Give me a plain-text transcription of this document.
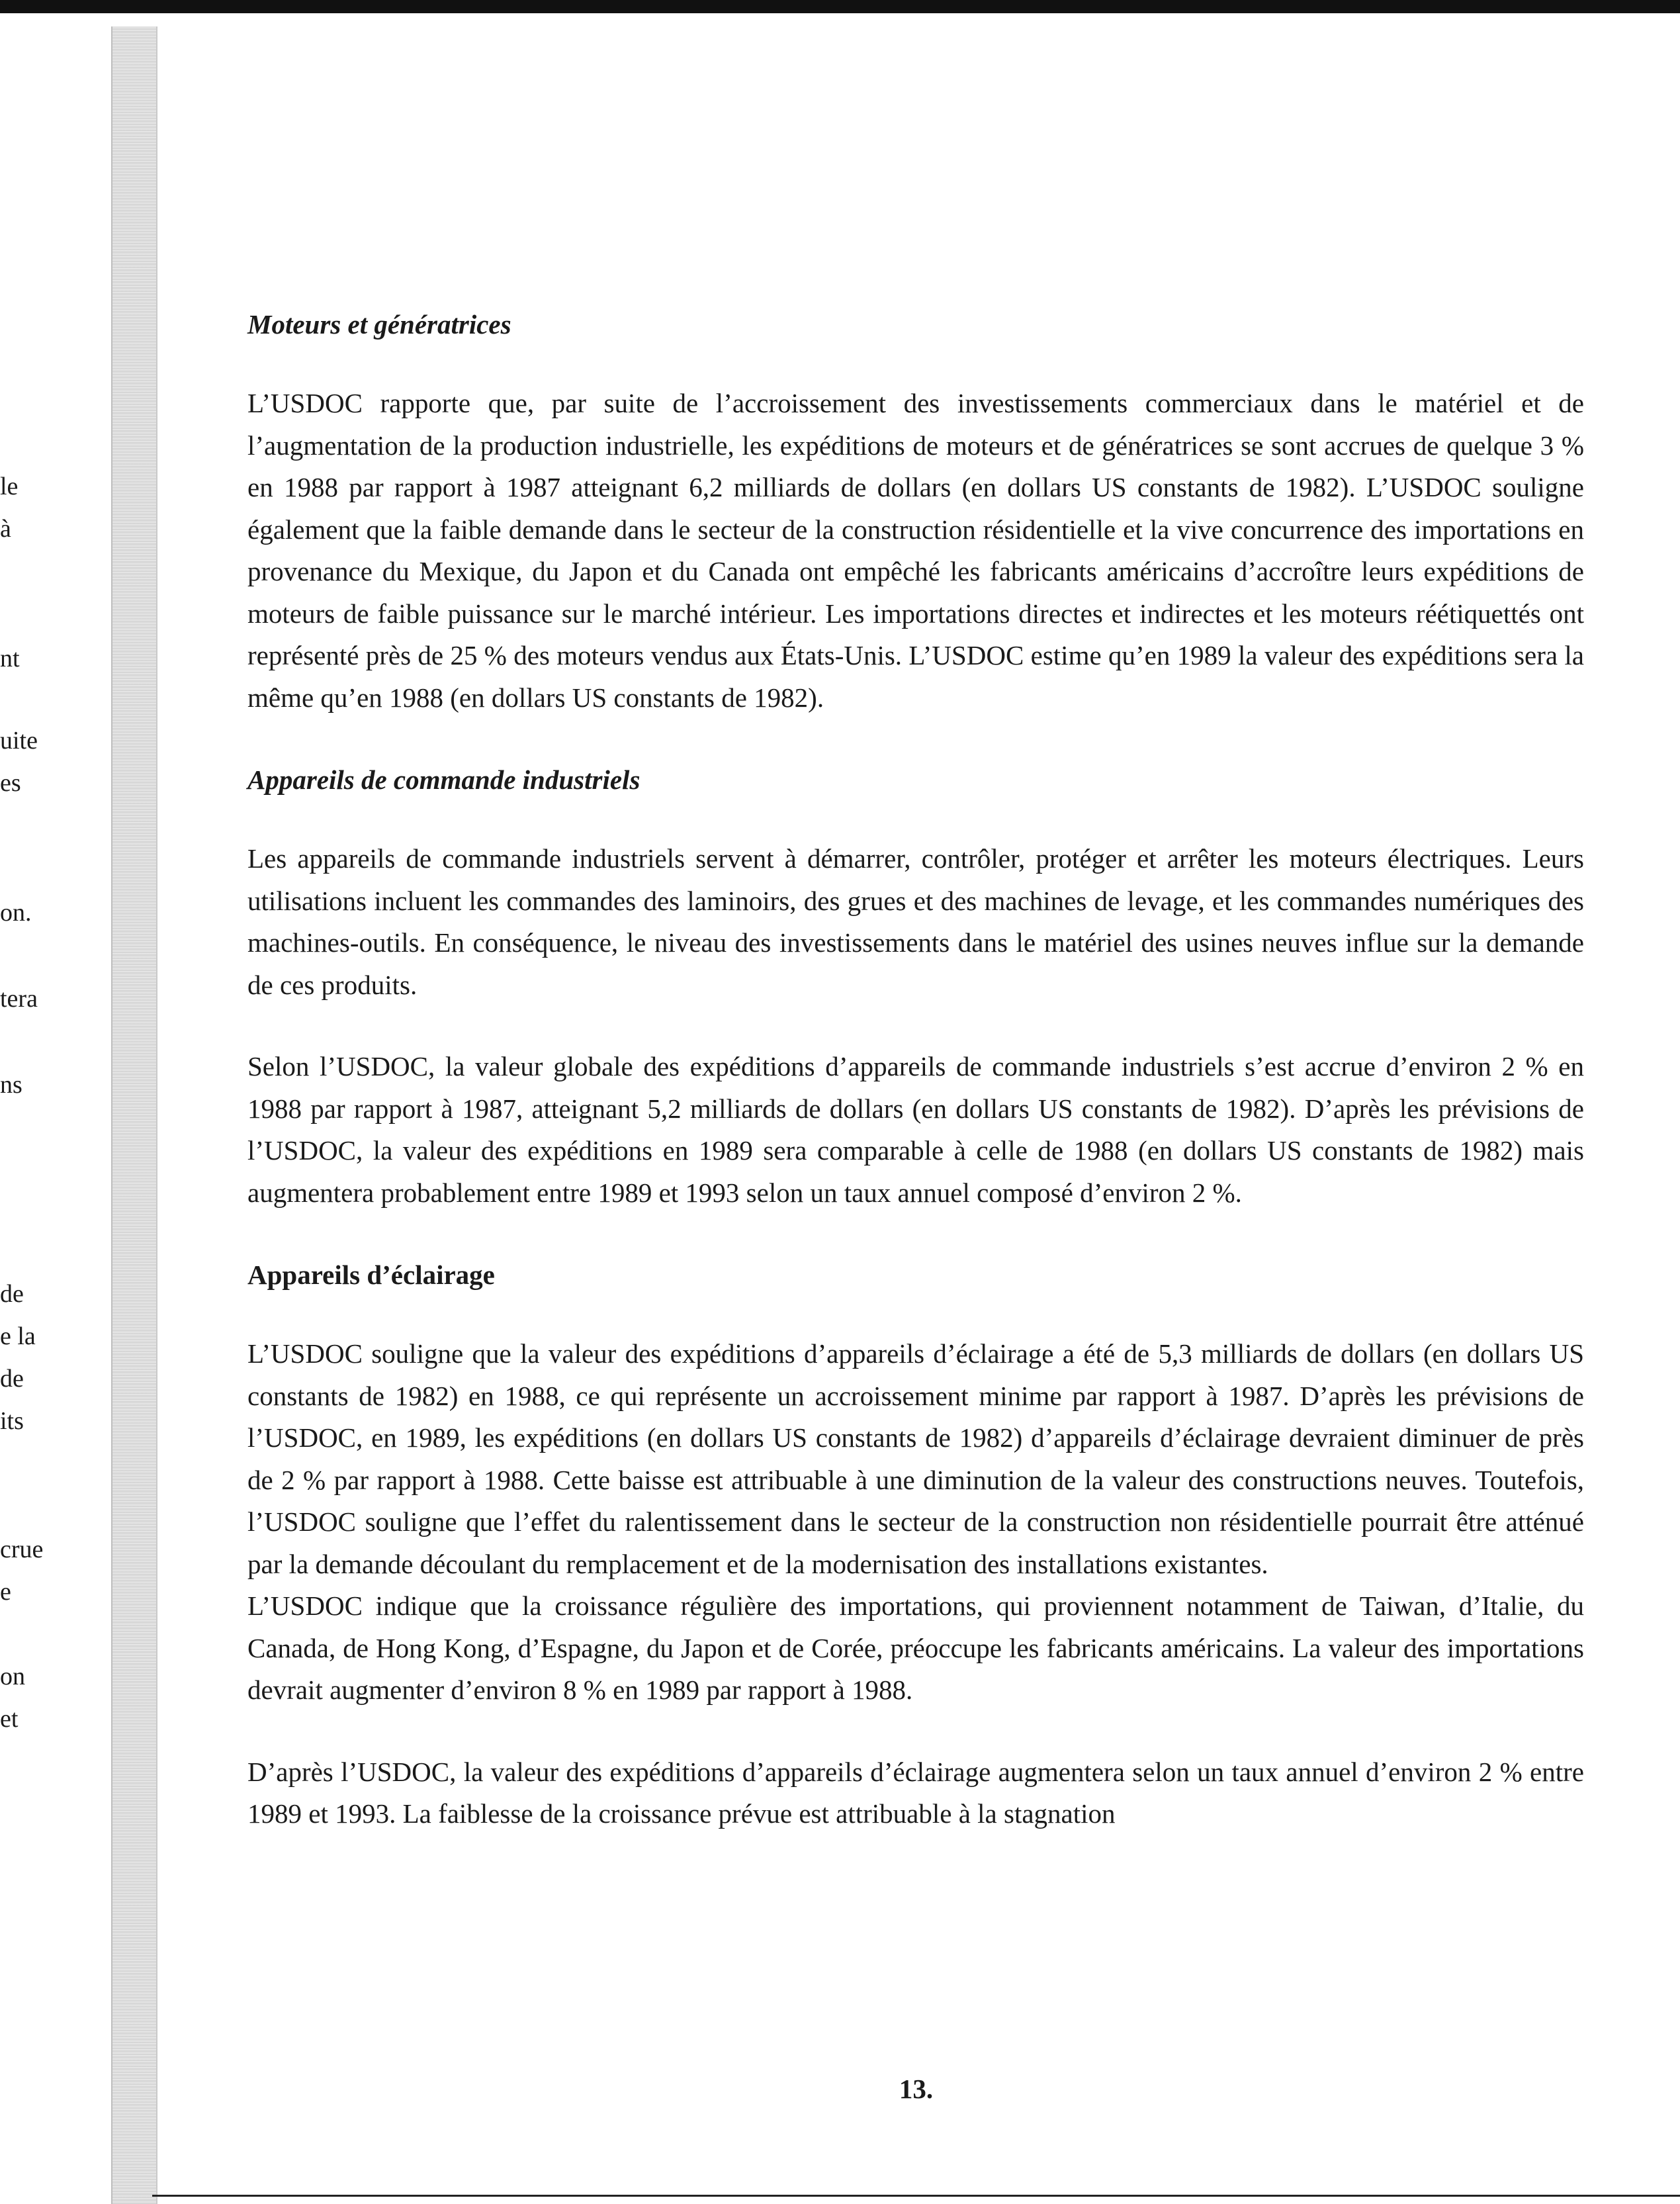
le
à
nt
uite
es
on.
tera
ns
de
e la
de
its
crue
e
on
et
Moteurs et génératrices

L’USDOC rapporte que, par suite de l’accroissement des investissements commerciaux dans le matériel et de l’augmentation de la production industrielle, les expéditions de moteurs et de génératrices se sont accrues de quelque 3 % en 1988 par rapport à 1987 atteignant 6,2 milliards de dollars (en dollars US constants de 1982). L’USDOC souligne également que la faible demande dans le secteur de la construction résidentielle et la vive concurrence des importations en provenance du Mexique, du Japon et du Canada ont empêché les fabricants américains d’accroître leurs expéditions de moteurs de faible puissance sur le marché intérieur. Les importations directes et indirectes et les moteurs réétiquettés ont représenté près de 25 % des moteurs vendus aux États-Unis. L’USDOC estime qu’en 1989 la valeur des expéditions sera la même qu’en 1988 (en dollars US constants de 1982).

Appareils de commande industriels

Les appareils de commande industriels servent à démarrer, contrôler, protéger et arrêter les moteurs électriques. Leurs utilisations incluent les commandes des laminoirs, des grues et des machines de levage, et les commandes numériques des machines-outils. En conséquence, le niveau des investissements dans le matériel des usines neuves influe sur la demande de ces produits.

Selon l’USDOC, la valeur globale des expéditions d’appareils de commande industriels s’est accrue d’environ 2 % en 1988 par rapport à 1987, atteignant 5,2 milliards de dollars (en dollars US constants de 1982). D’après les prévisions de l’USDOC, la valeur des expéditions en 1989 sera comparable à celle de 1988 (en dollars US constants de 1982) mais augmentera probablement entre 1989 et 1993 selon un taux annuel composé d’environ 2 %.

Appareils d’éclairage

L’USDOC souligne que la valeur des expéditions d’appareils d’éclairage a été de 5,3 milliards de dollars (en dollars US constants de 1982) en 1988, ce qui représente un accroissement minime par rapport à 1987. D’après les prévisions de l’USDOC, en 1989, les expéditions (en dollars US constants de 1982) d’appareils d’éclairage devraient diminuer de près de 2 % par rapport à 1988. Cette baisse est attribuable à une diminution de la valeur des constructions neuves. Toutefois, l’USDOC souligne que l’effet du ralentissement dans le secteur de la construction non résidentielle pourrait être atténué par la demande découlant du remplacement et de la modernisation des installations existantes.

L’USDOC indique que la croissance régulière des importations, qui proviennent notamment de Taiwan, d’Italie, du Canada, de Hong Kong, d’Espagne, du Japon et de Corée, préoccupe les fabricants américains. La valeur des importations devrait augmenter d’environ 8 % en 1989 par rapport à 1988.

D’après l’USDOC, la valeur des expéditions d’appareils d’éclairage augmentera selon un taux annuel d’environ 2 % entre 1989 et 1993. La faiblesse de la croissance prévue est attribuable à la stagnation

13.
